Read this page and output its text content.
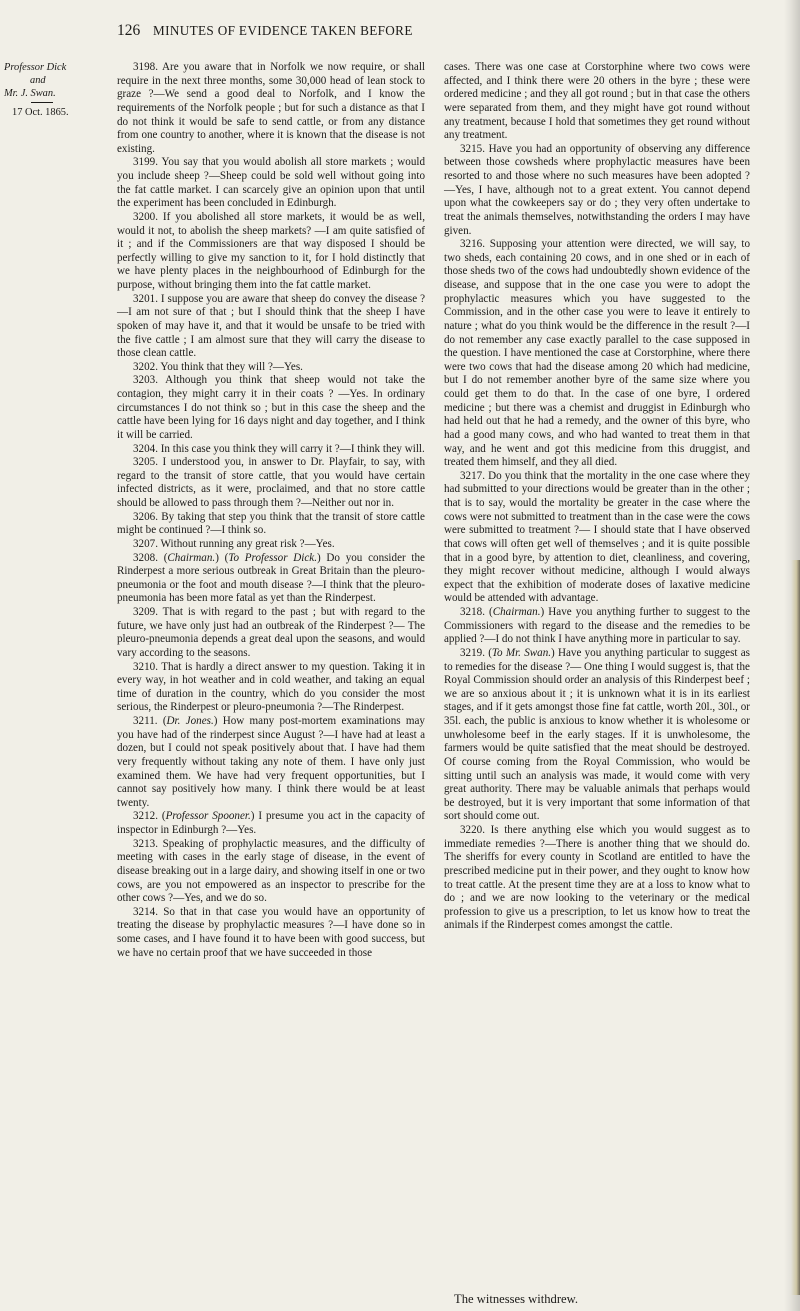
126 MINUTES OF EVIDENCE TAKEN BEFORE
Professor Dick
and
Mr. J. Swan.
17 Oct. 1865.

3198. Are you aware that in Norfolk we now require, or shall require in the next three months, some 30,000 head of lean stock to graze ?—We send a good deal to Norfolk, and I know the requirements of the Norfolk people ; but for such a distance as that I do not think it would be safe to send cattle, or from any distance from one country to another, where it is known that the disease is not existing.

3199. You say that you would abolish all store markets ; would you include sheep ?—Sheep could be sold well without going into the fat cattle market. I can scarcely give an opinion upon that until the experiment has been concluded in Edinburgh.

3200. If you abolished all store markets, it would be as well, would it not, to abolish the sheep markets? —I am quite satisfied of it ; and if the Commissioners are that way disposed I should be perfectly willing to give my sanction to it, for I hold distinctly that we have plenty places in the neighbourhood of Edinburgh for the purpose, without bringing them into the fat cattle market.

3201. I suppose you are aware that sheep do convey the disease ?—I am not sure of that ; but I should think that the sheep I have spoken of may have it, and that it would be unsafe to be tried with the five cattle ; I am almost sure that they will carry the disease to those clean cattle.

3202. You think that they will ?—Yes.

3203. Although you think that sheep would not take the contagion, they might carry it in their coats ? —Yes. In ordinary circumstances I do not think so ; but in this case the sheep and the cattle have been lying for 16 days night and day together, and I think it will be carried.

3204. In this case you think they will carry it ?—I think they will.

3205. I understood you, in answer to Dr. Playfair, to say, with regard to the transit of store cattle, that you would have certain infected districts, as it were, proclaimed, and that no store cattle should be allowed to pass through them ?—Neither out nor in.

3206. By taking that step you think that the transit of store cattle might be continued ?—I think so.

3207. Without running any great risk ?—Yes.

3208. (Chairman.) (To Professor Dick.) Do you consider the Rinderpest a more serious outbreak in Great Britain than the pleuro-pneumonia or the foot and mouth disease ?—I think that the pleuro-pneumonia has been more fatal as yet than the Rinderpest.

3209. That is with regard to the past ; but with regard to the future, we have only just had an outbreak of the Rinderpest ?— The pleuro-pneumonia depends a great deal upon the seasons, and would vary according to the seasons.

3210. That is hardly a direct answer to my question. Taking it in every way, in hot weather and in cold weather, and taking an equal time of duration in the country, which do you consider the most serious, the Rinderpest or pleuro-pneumonia ?—The Rinderpest.

3211. (Dr. Jones.) How many post-mortem examinations may you have had of the rinderpest since August ?—I have had at least a dozen, but I could not speak positively about that. I have had them very frequently without taking any note of them. I have only just examined them. We have had very frequent opportunities, but I cannot say positively how many. I think there would be at least twenty.

3212. (Professor Spooner.) I presume you act in the capacity of inspector in Edinburgh ?—Yes.

3213. Speaking of prophylactic measures, and the difficulty of meeting with cases in the early stage of disease, in the event of disease breaking out in a large dairy, and showing itself in one or two cows, are you not empowered as an inspector to prescribe for the other cows ?—Yes, and we do so.

3214. So that in that case you would have an opportunity of treating the disease by prophylactic measures ?—I have done so in some cases, and I have found it to have been with good success, but we have no certain proof that we have succeeded in those

cases. There was one case at Corstorphine where two cows were affected, and I think there were 20 others in the byre ; these were ordered medicine ; and they all got round ; but in that case the others were separated from them, and they might have got round without any treatment, because I hold that sometimes they get round without any treatment.

3215. Have you had an opportunity of observing any difference between those cowsheds where prophylactic measures have been resorted to and those where no such measures have been adopted ?—Yes, I have, although not to a great extent. You cannot depend upon what the cowkeepers say or do ; they very often undertake to treat the animals themselves, notwithstanding the orders I may have given.

3216. Supposing your attention were directed, we will say, to two sheds, each containing 20 cows, and in one shed or in each of those sheds two of the cows had undoubtedly shown evidence of the disease, and suppose that in the one case you were to adopt the prophylactic measures which you have suggested to the Commission, and in the other case you were to leave it entirely to nature ; what do you think would be the difference in the result ?—I do not remember any case exactly parallel to the case supposed in the question. I have mentioned the case at Corstorphine, where there were two cows that had the disease among 20 which had medicine, but I do not remember another byre of the same size where you could get them to do that. In the case of one byre, I ordered medicine ; but there was a chemist and druggist in Edinburgh who had held out that he had a remedy, and the owner of this byre, who had a good many cows, and who had wanted to treat them in that way, and he went and got this medicine from this druggist, and treated them himself, and they all died.

3217. Do you think that the mortality in the one case where they had submitted to your directions would be greater than in the other ; that is to say, would the mortality be greater in the case where the cows were not submitted to treatment than in the case were the cows were submitted to treatment ?— I should state that I have observed that cows will often get well of themselves ; and it is quite possible that in a good byre, by attention to diet, cleanliness, and covering, they might recover without medicine, although I would always expect that the exhibition of moderate doses of laxative medicine would be attended with advantage.

3218. (Chairman.) Have you anything further to suggest to the Commissioners with regard to the disease and the remedies to be applied ?—I do not think I have anything more in particular to say.

3219. (To Mr. Swan.) Have you anything particular to suggest as to remedies for the disease ?— One thing I would suggest is, that the Royal Commission should order an analysis of this Rinderpest beef ; we are so anxious about it ; it is unknown what it is in its earliest stages, and if it gets amongst those fine fat cattle, worth 20l., 30l., or 35l. each, the public is anxious to know whether it is wholesome or unwholesome beef in the early stages. If it is unwholesome, the farmers would be quite satisfied that the meat should be destroyed. Of course coming from the Royal Commission, who would be sitting until such an analysis was made, it would come with very great authority. There may be valuable animals that perhaps would be destroyed, but it is very important that some information of that sort should come out.

3220. Is there anything else which you would suggest as to immediate remedies ?—There is another thing that we should do. The sheriffs for every county in Scotland are entitled to have the prescribed medicine put in their power, and they ought to know how to treat cattle. At the present time they are at a loss to know what to do ; and we are now looking to the veterinary or the medical profession to give us a prescription, to let us know how to treat the animals if the Rinderpest comes amongst the cattle.

The witnesses withdrew.
